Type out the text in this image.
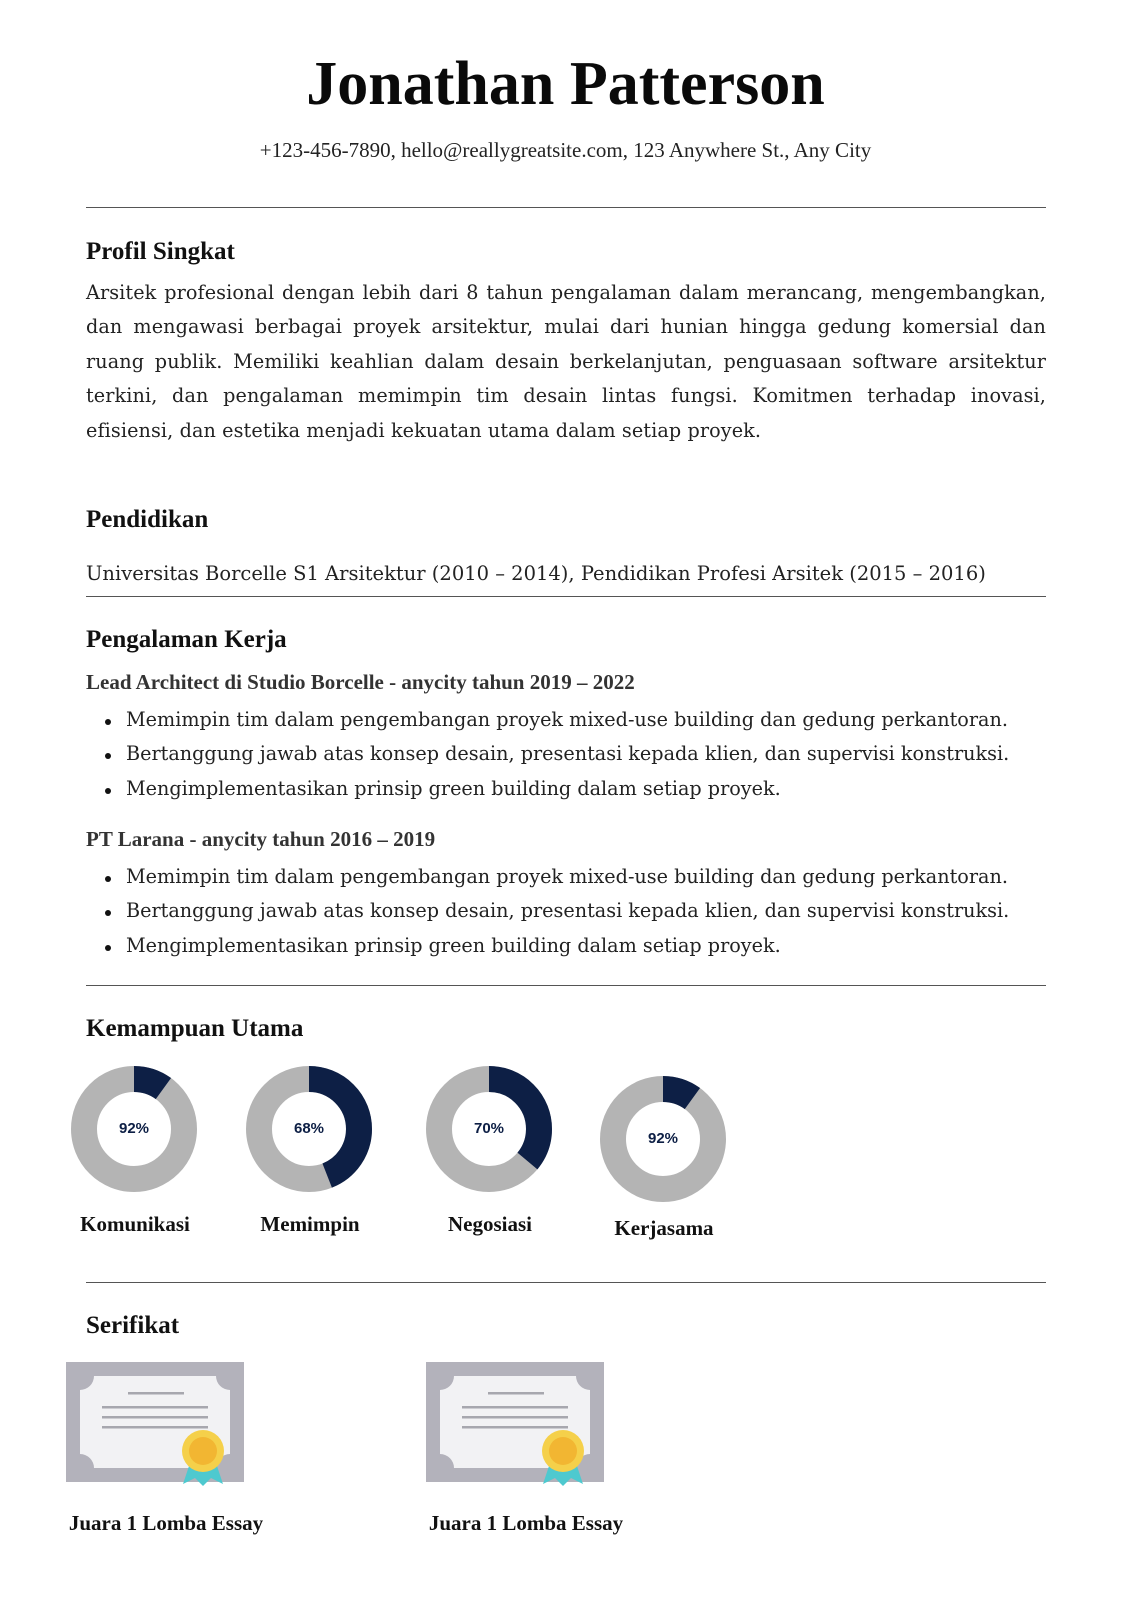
Jonathan Patterson
+123-456-7890, hello@reallygreatsite.com, 123 Anywhere St., Any City
Profil Singkat

Arsitek profesional dengan lebih dari 8 tahun pengalaman dalam merancang, mengembangkan, dan mengawasi berbagai proyek arsitektur, mulai dari hunian hingga gedung komersial dan ruang publik. Memiliki keahlian dalam desain berkelanjutan, penguasaan software arsitektur terkini, dan pengalaman memimpin tim desain lintas fungsi. Komitmen terhadap inovasi, efisiensi, dan estetika menjadi kekuatan utama dalam setiap proyek.

Pendidikan
Universitas Borcelle S1 Arsitektur (2010 – 2014), Pendidikan Profesi Arsitek (2015 – 2016)
Pengalaman Kerja
Lead Architect di Studio Borcelle - anycity tahun 2019 – 2022
Memimpin tim dalam pengembangan proyek mixed-use building dan gedung perkantoran.
Bertanggung jawab atas konsep desain, presentasi kepada klien, dan supervisi konstruksi.
Mengimplementasikan prinsip green building dalam setiap proyek.
PT Larana - anycity tahun 2016 – 2019
Memimpin tim dalam pengembangan proyek mixed-use building dan gedung perkantoran.
Bertanggung jawab atas konsep desain, presentasi kepada klien, dan supervisi konstruksi.
Mengimplementasikan prinsip green building dalam setiap proyek.
Kemampuan Utama
92%
Komunikasi
68%
Memimpin
70%
Negosiasi
92%
Kerjasama
Serifikat
Juara 1 Lomba Essay	Juara 1 Lomba Essay
